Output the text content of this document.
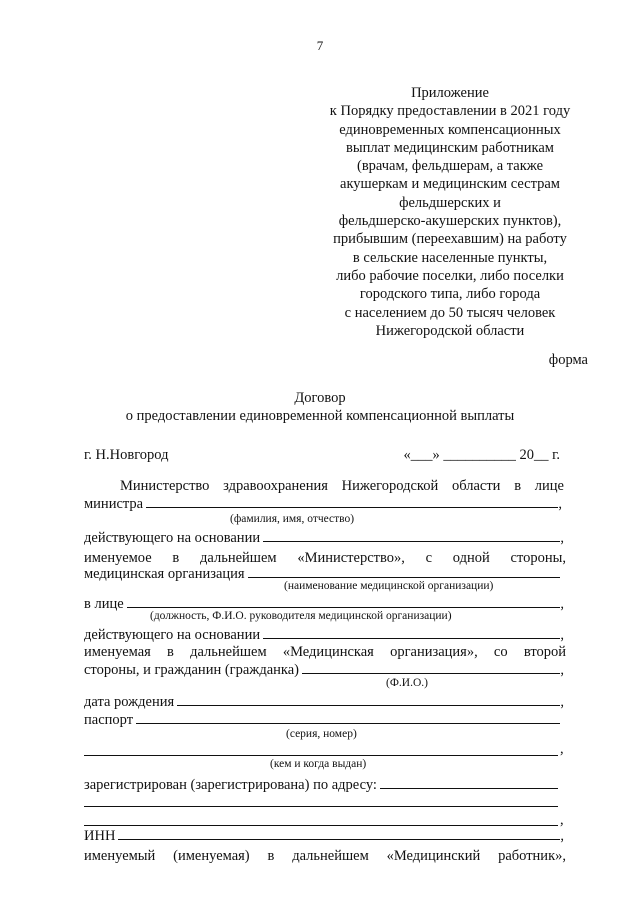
7
Приложение
к Порядку предоставлении в 2021 году
единовременных компенсационных
выплат медицинским работникам
(врачам, фельдшерам, а также
акушеркам и медицинским сестрам
фельдшерских и
фельдшерско-акушерских пунктов),
прибывшим (переехавшим) на работу
в сельские населенные пункты,
либо рабочие поселки, либо поселки
городского типа, либо города
с населением до 50 тысяч человек
Нижегородской области
форма
Договор
о предоставлении единовременной компенсационной выплаты
г. Н.Новгород	«___» __________ 20__ г.
Министерство здравоохранения Нижегородской области в лице
министра	,
(фамилия, имя, отчество)
действующего на основании	,
именуемое в дальнейшем «Министерство», с одной стороны,
медицинская организация
(наименование медицинской организации)
в лице	,
(должность, Ф.И.О. руководителя медицинской организации)
действующего на основании	,
именуемая в дальнейшем «Медицинская организация», со второй
стороны, и гражданин (гражданка)	,
(Ф.И.О.)
дата рождения	,
паспорт
(серия, номер)
,
(кем и когда выдан)
зарегистрирован (зарегистрирована) по адресу:
,
ИНН	,
именуемый (именуемая) в дальнейшем «Медицинский работник»,
